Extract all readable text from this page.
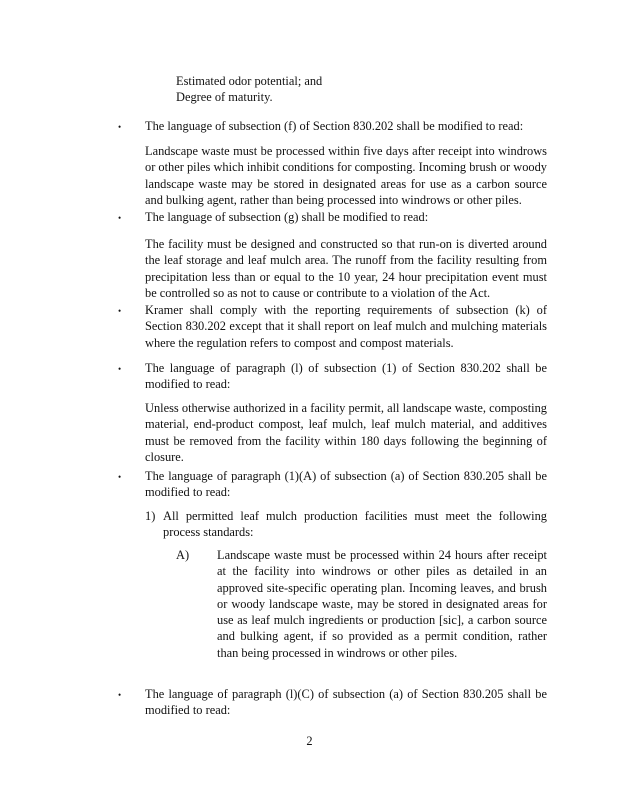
Estimated odor potential; and

Degree of maturity.

• The language of subsection (f) of Section 830.202 shall be modified to read:

Landscape waste must be processed within five days after receipt into windrows or other piles which inhibit conditions for composting. Incoming brush or woody landscape waste may be stored in designated areas for use as a carbon source and bulking agent, rather than being processed into windrows or other piles.

• The language of subsection (g) shall be modified to read:

The facility must be designed and constructed so that run-on is diverted around the leaf storage and leaf mulch area. The runoff from the facility resulting from precipitation less than or equal to the 10 year, 24 hour precipitation event must be controlled so as not to cause or contribute to a violation of the Act.

• Kramer shall comply with the reporting requirements of subsection (k) of Section 830.202 except that it shall report on leaf mulch and mulching materials where the regulation refers to compost and compost materials.

• The language of paragraph (l) of subsection (1) of Section 830.202 shall be modified to read:

Unless otherwise authorized in a facility permit, all landscape waste, composting material, end-product compost, leaf mulch, leaf mulch material, and additives must be removed from the facility within 180 days following the beginning of closure.

• The language of paragraph (1)(A) of subsection (a) of Section 830.205 shall be modified to read:

1) All permitted leaf mulch production facilities must meet the following process standards:

A) Landscape waste must be processed within 24 hours after receipt at the facility into windrows or other piles as detailed in an approved site-specific operating plan. Incoming leaves, and brush or woody landscape waste, may be stored in designated areas for use as leaf mulch ingredients or production [sic], a carbon source and bulking agent, if so provided as a permit condition, rather than being processed in windrows or other piles.

• The language of paragraph (l)(C) of subsection (a) of Section 830.205 shall be modified to read:

2
